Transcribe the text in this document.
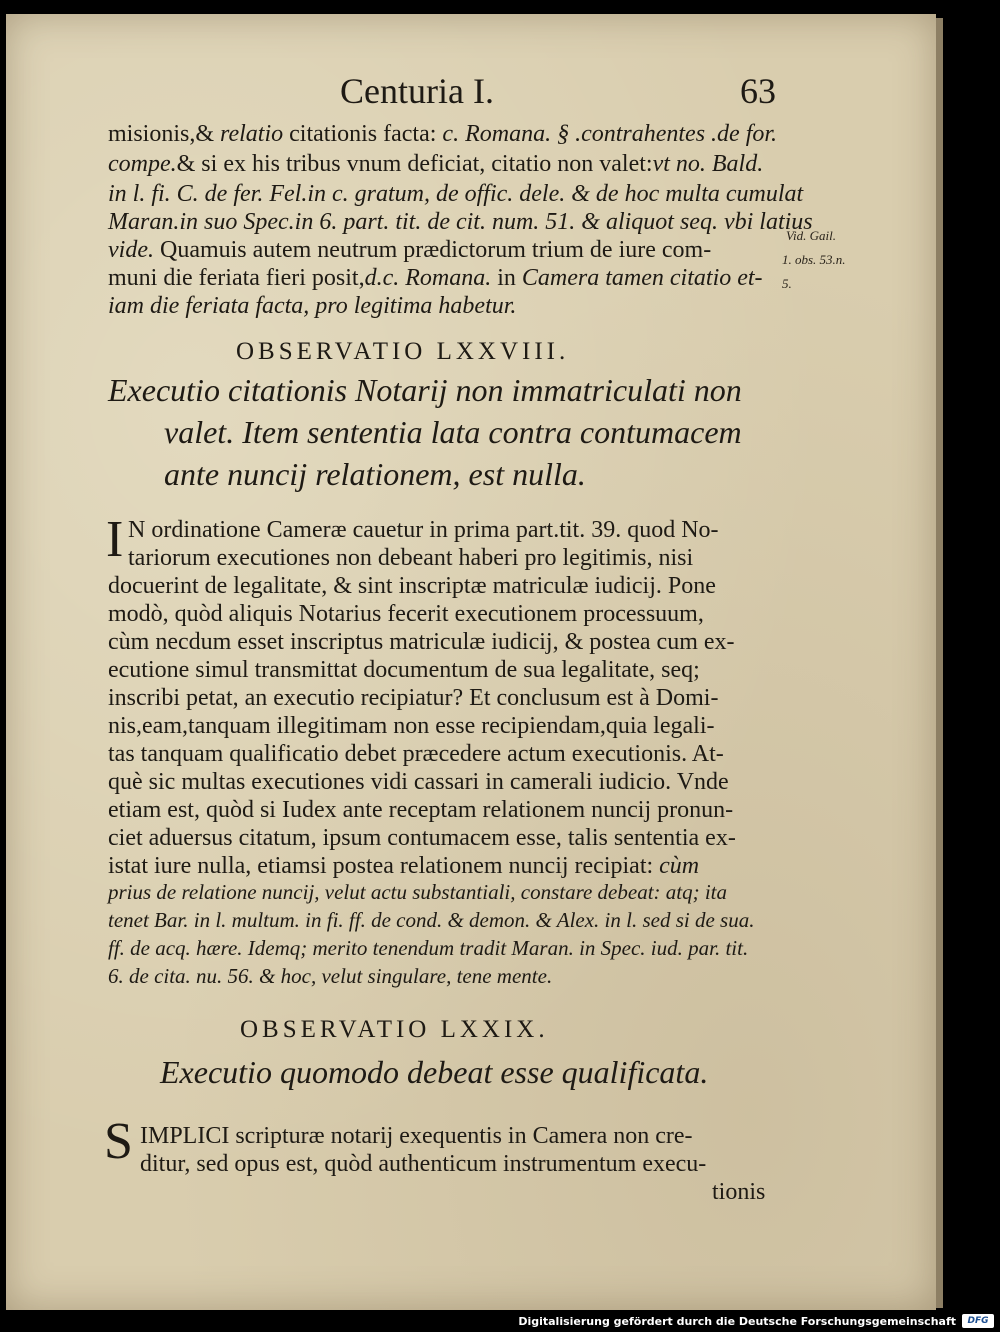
Centuria I.	63

misionis,& relatio citationis facta: c. Romana. § .contrahentes .de for.

compe.& si ex his tribus vnum deficiat, citatio non valet:vt no. Bald.

in l. fi. C. de fer. Fel.in c. gratum, de offic. dele. & de hoc multa cumulat

Maran.in suo Spec.in 6. part. tit. de cit. num. 51. & aliquot seq. vbi latius

vide. Quamuis autem neutrum prædictorum trium de iure com-

muni die feriata fieri posit,d.c. Romana. in Camera tamen citatio et-

iam die feriata facta, pro legitima habetur.

Vid. Gail.

1. obs. 53.n.

5.

OBSERVATIO LXXVIII.

Executio citationis Notarij non immatriculati non

valet. Item sententia lata contra contumacem

ante nuncij relationem, est nulla.

I N ordinatione Cameræ cauetur in prima part.tit. 39. quod No-

tariorum executiones non debeant haberi pro legitimis, nisi

docuerint de legalitate, & sint inscriptæ matriculæ iudicij. Pone

modò, quòd aliquis Notarius fecerit executionem processuum,

cùm necdum esset inscriptus matriculæ iudicij, & postea cum ex-

ecutione simul transmittat documentum de sua legalitate, seq;

inscribi petat, an executio recipiatur? Et conclusum est à Domi-

nis,eam,tanquam illegitimam non esse recipiendam,quia legali-

tas tanquam qualificatio debet præcedere actum executionis. At-

què sic multas executiones vidi cassari in camerali iudicio. Vnde

etiam est, quòd si Iudex ante receptam relationem nuncij pronun-

ciet aduersus citatum, ipsum contumacem esse, talis sententia ex-

istat iure nulla, etiamsi postea relationem nuncij recipiat: cùm

prius de relatione nuncij, velut actu substantiali, constare debeat: atq; ita

tenet Bar. in l. multum. in fi. ff. de cond. & demon. & Alex. in l. sed si de sua.

ff. de acq. hære. Idemq; merito tenendum tradit Maran. in Spec. iud. par. tit.

6. de cita. nu. 56. & hoc, velut singulare, tene mente.

OBSERVATIO LXXIX.

Executio quomodo debeat esse qualificata.

S IMPLICI scripturæ notarij exequentis in Camera non cre-

ditur, sed opus est, quòd authenticum instrumentum execu-

tionis

Digitalisierung gefördert durch die Deutsche Forschungsgemeinschaft	DFG
